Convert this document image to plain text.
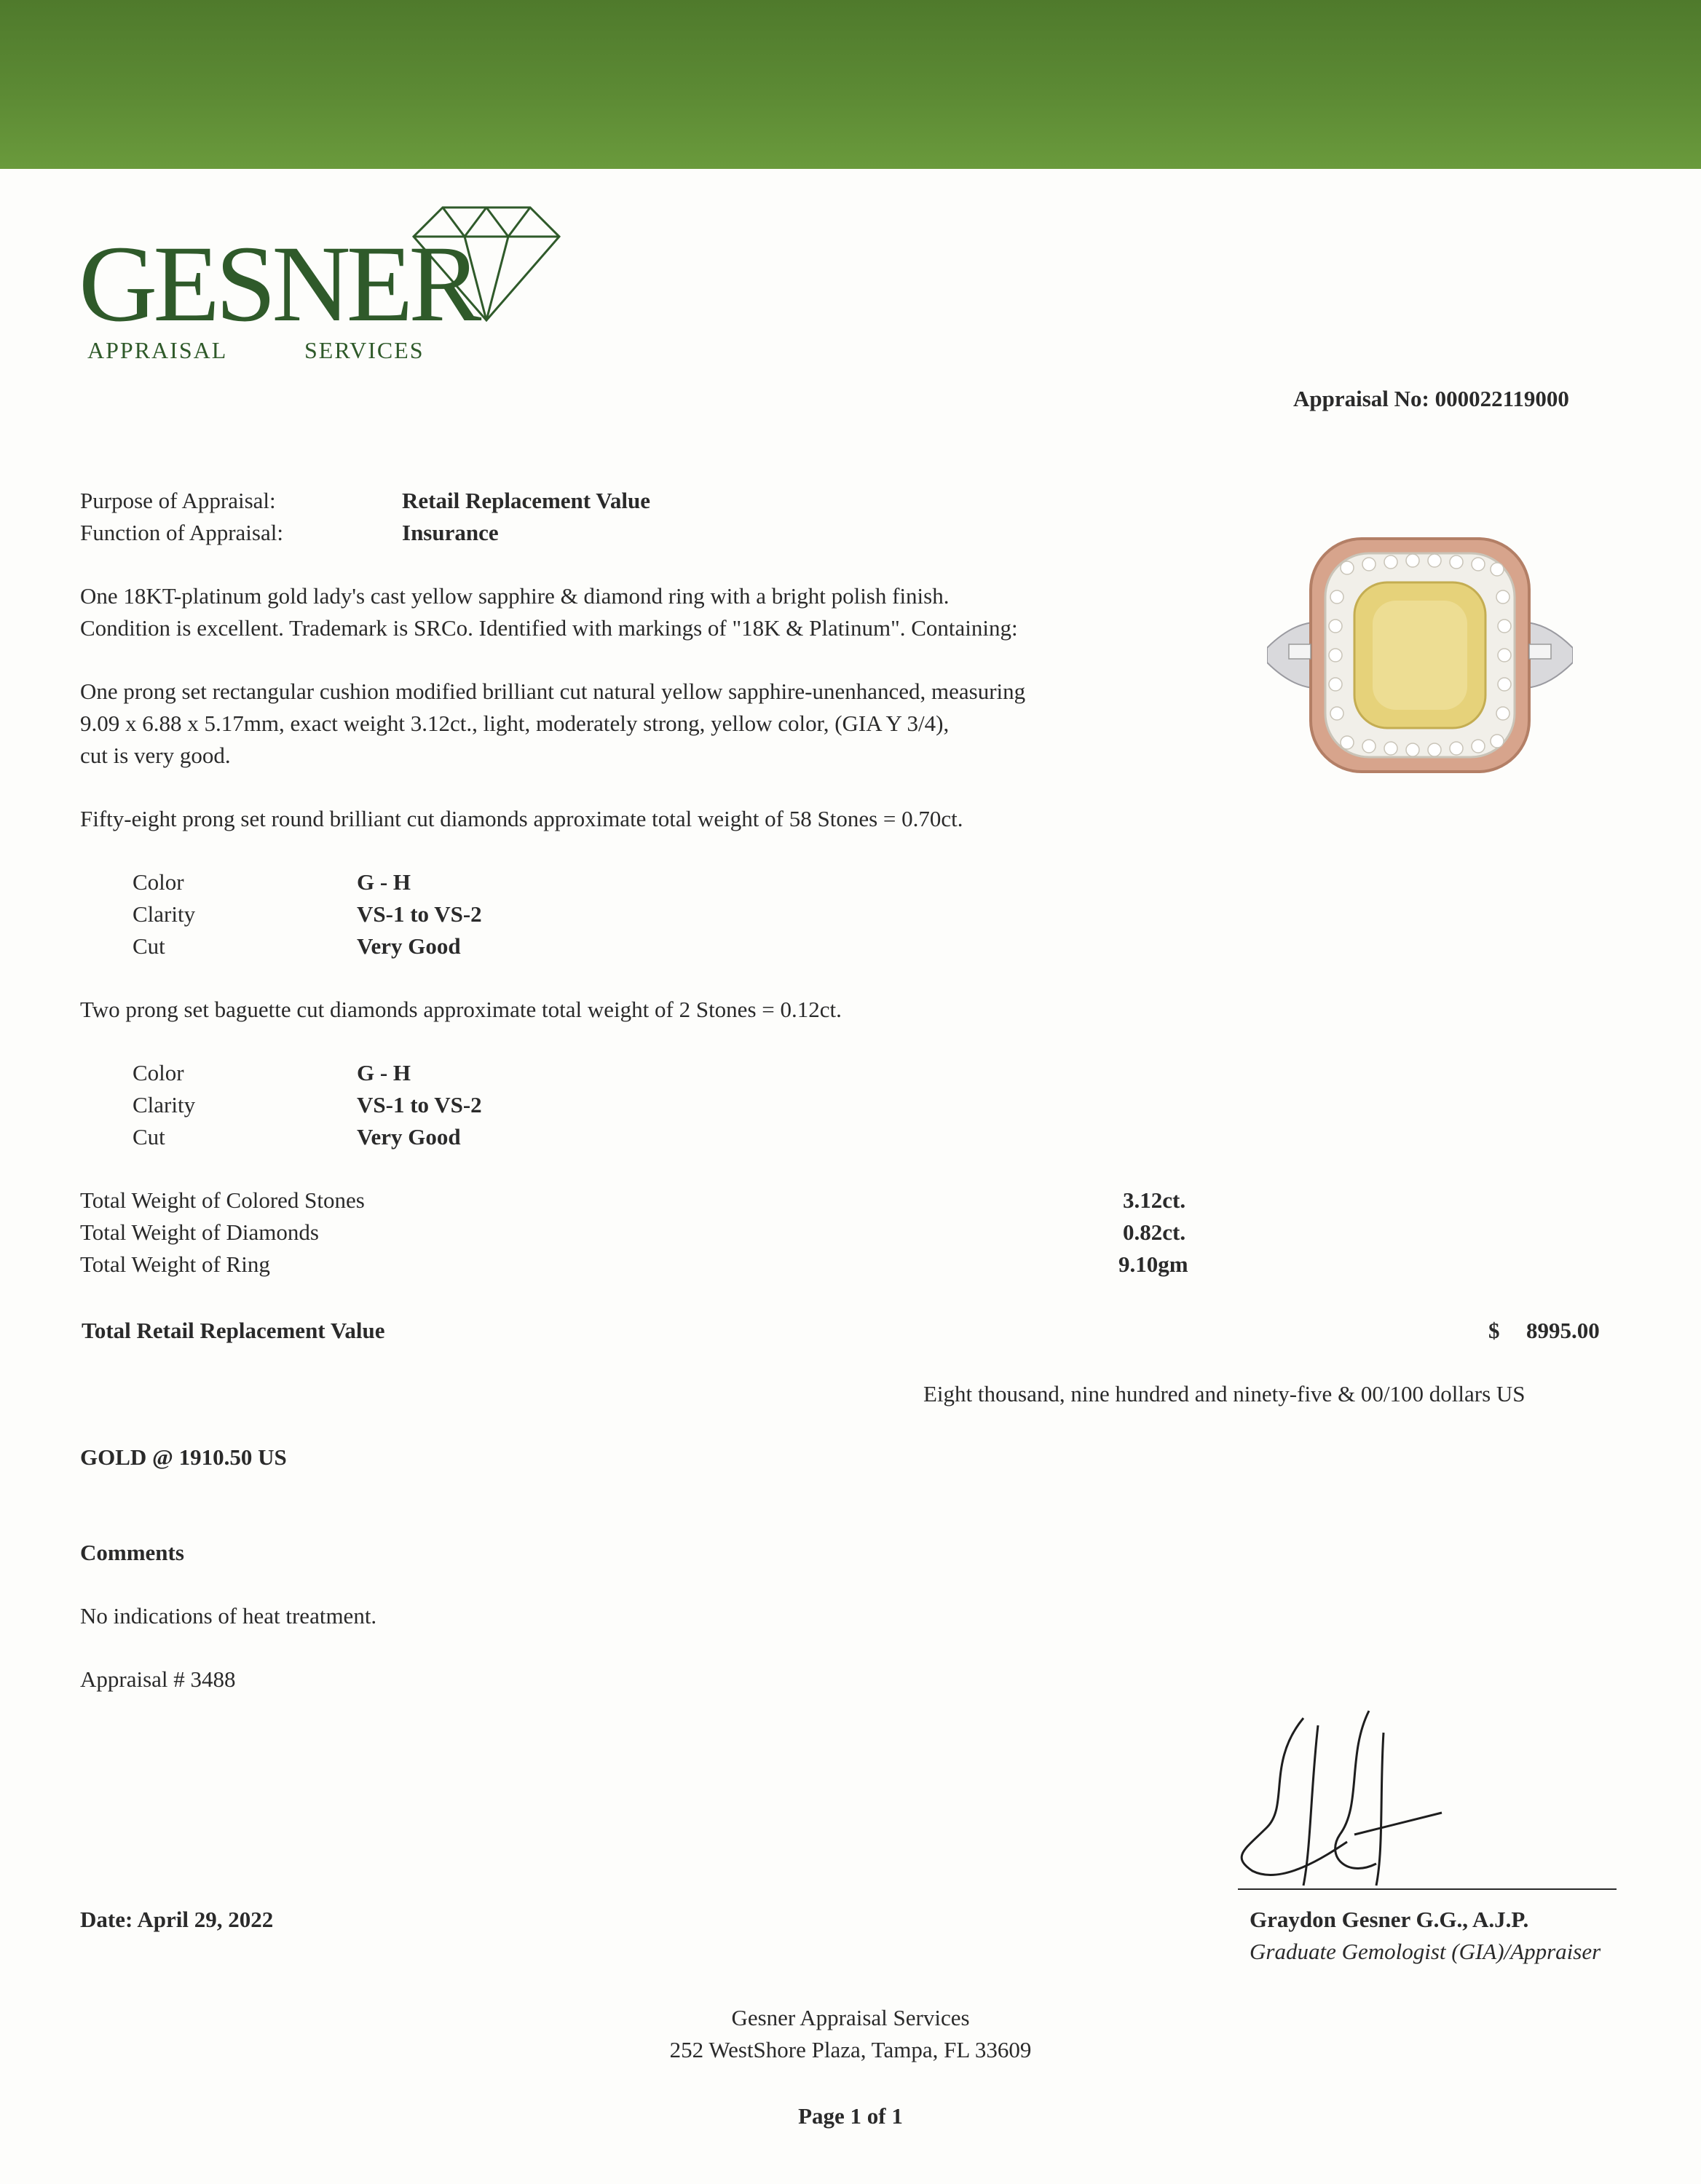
GESNER
APPRAISAL	SERVICES
Appraisal No: 000022119000
Purpose of Appraisal:	Retail Replacement Value
Function of Appraisal:	Insurance
One 18KT-platinum gold lady's cast yellow sapphire & diamond ring with a bright polish finish.
Condition is excellent. Trademark is SRCo. Identified with markings of "18K & Platinum". Containing:
One prong set rectangular cushion modified brilliant cut natural yellow sapphire-unenhanced, measuring
9.09 x 6.88 x 5.17mm, exact weight 3.12ct., light, moderately strong, yellow color, (GIA Y 3/4),
cut is very good.
Fifty-eight prong set round brilliant cut diamonds approximate total weight of 58 Stones = 0.70ct.
Color	G - H
Clarity	VS-1 to VS-2
Cut	Very Good
Two prong set baguette cut diamonds approximate total weight of 2 Stones = 0.12ct.
Color	G - H
Clarity	VS-1 to VS-2
Cut	Very Good
Total Weight of Colored Stones	3.12ct.
Total Weight of Diamonds	0.82ct.
Total Weight of Ring	9.10gm
Total Retail Replacement Value	$ 8995.00
Eight thousand, nine hundred and ninety-five & 00/100 dollars US
GOLD @ 1910.50 US
Comments
No indications of heat treatment.
Appraisal # 3488
Date: April 29, 2022	Graydon Gesner G.G., A.J.P.
Graduate Gemologist (GIA)/Appraiser
Gesner Appraisal Services
252 WestShore Plaza, Tampa, FL 33609
Page 1 of 1
